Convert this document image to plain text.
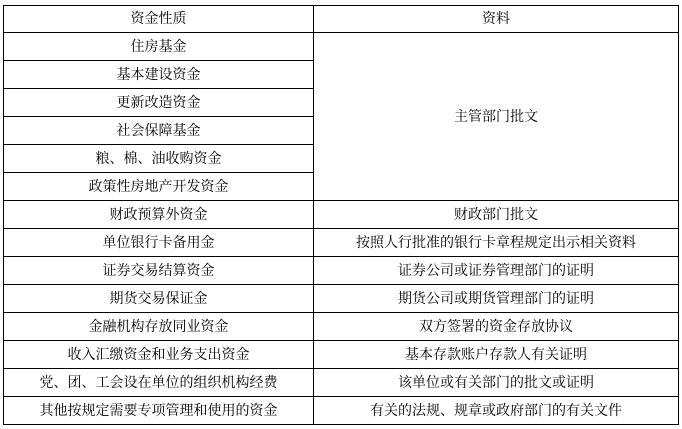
资金性质	资料
住房基金	主管部门批文
基本建设资金	
更新改造资金	
社会保障基金	
粮、棉、油收购资金	
政策性房地产开发资金	
财政预算外资金	财政部门批文
单位银行卡备用金	按照人行批准的银行卡章程规定出示相关资料
证券交易结算资金	证券公司或证券管理部门的证明
期货交易保证金	期货公司或期货管理部门的证明
金融机构存放同业资金	双方签署的资金存放协议
收入汇缴资金和业务支出资金	基本存款账户存款人有关证明
党、团、工会设在单位的组织机构经费	该单位或有关部门的批文或证明
其他按规定需要专项管理和使用的资金	有关的法规、规章或政府部门的有关文件
